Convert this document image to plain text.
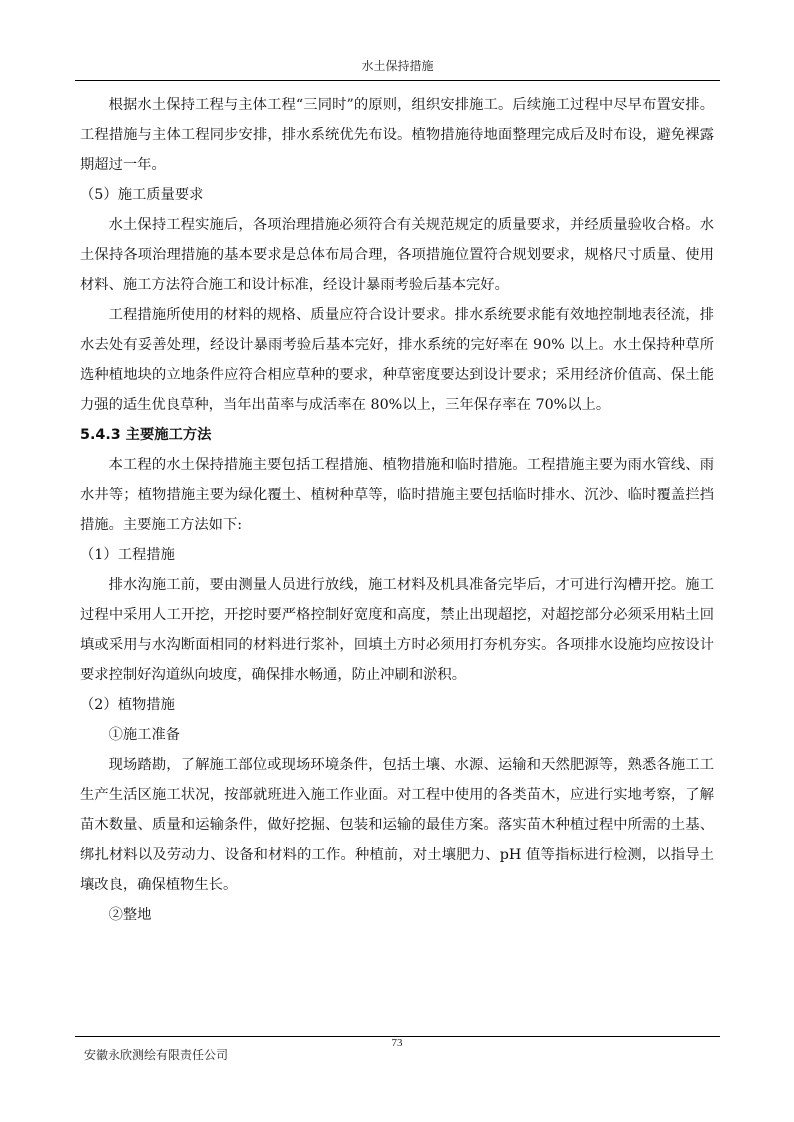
水土保持措施

根据水土保持工程与主体工程“三同时”的原则，组织安排施工。后续施工过程中尽早布置安排。工程措施与主体工程同步安排，排水系统优先布设。植物措施待地面整理完成后及时布设，避免裸露期超过一年。

（5）施工质量要求

水土保持工程实施后，各项治理措施必须符合有关规范规定的质量要求，并经质量验收合格。水土保持各项治理措施的基本要求是总体布局合理，各项措施位置符合规划要求，规格尺寸质量、使用材料、施工方法符合施工和设计标准，经设计暴雨考验后基本完好。

工程措施所使用的材料的规格、质量应符合设计要求。排水系统要求能有效地控制地表径流，排水去处有妥善处理，经设计暴雨考验后基本完好，排水系统的完好率在 90% 以上。水土保持种草所选种植地块的立地条件应符合相应草种的要求，种草密度要达到设计要求；采用经济价值高、保土能力强的适生优良草种，当年出苗率与成活率在 80%以上，三年保存率在 70%以上。

5.4.3 主要施工方法

本工程的水土保持措施主要包括工程措施、植物措施和临时措施。工程措施主要为雨水管线、雨水井等；植物措施主要为绿化覆土、植树种草等，临时措施主要包括临时排水、沉沙、临时覆盖拦挡措施。主要施工方法如下:

（1）工程措施

排水沟施工前，要由测量人员进行放线，施工材料及机具准备完毕后，才可进行沟槽开挖。施工过程中采用人工开挖，开挖时要严格控制好宽度和高度，禁止出现超挖，对超挖部分必须采用粘土回填或采用与水沟断面相同的材料进行浆补，回填土方时必须用打夯机夯实。各项排水设施均应按设计要求控制好沟道纵向坡度，确保排水畅通，防止冲刷和淤积。

（2）植物措施

①施工准备

现场踏勘，了解施工部位或现场环境条件，包括土壤、水源、运输和天然肥源等，熟悉各施工工生产生活区施工状况，按部就班进入施工作业面。对工程中使用的各类苗木，应进行实地考察，了解苗木数量、质量和运输条件，做好挖掘、包装和运输的最佳方案。落实苗木种植过程中所需的土基、绑扎材料以及劳动力、设备和材料的工作。种植前，对土壤肥力、pH 值等指标进行检测，以指导土壤改良，确保植物生长。

②整地

73
安徽永欣测绘有限责任公司
